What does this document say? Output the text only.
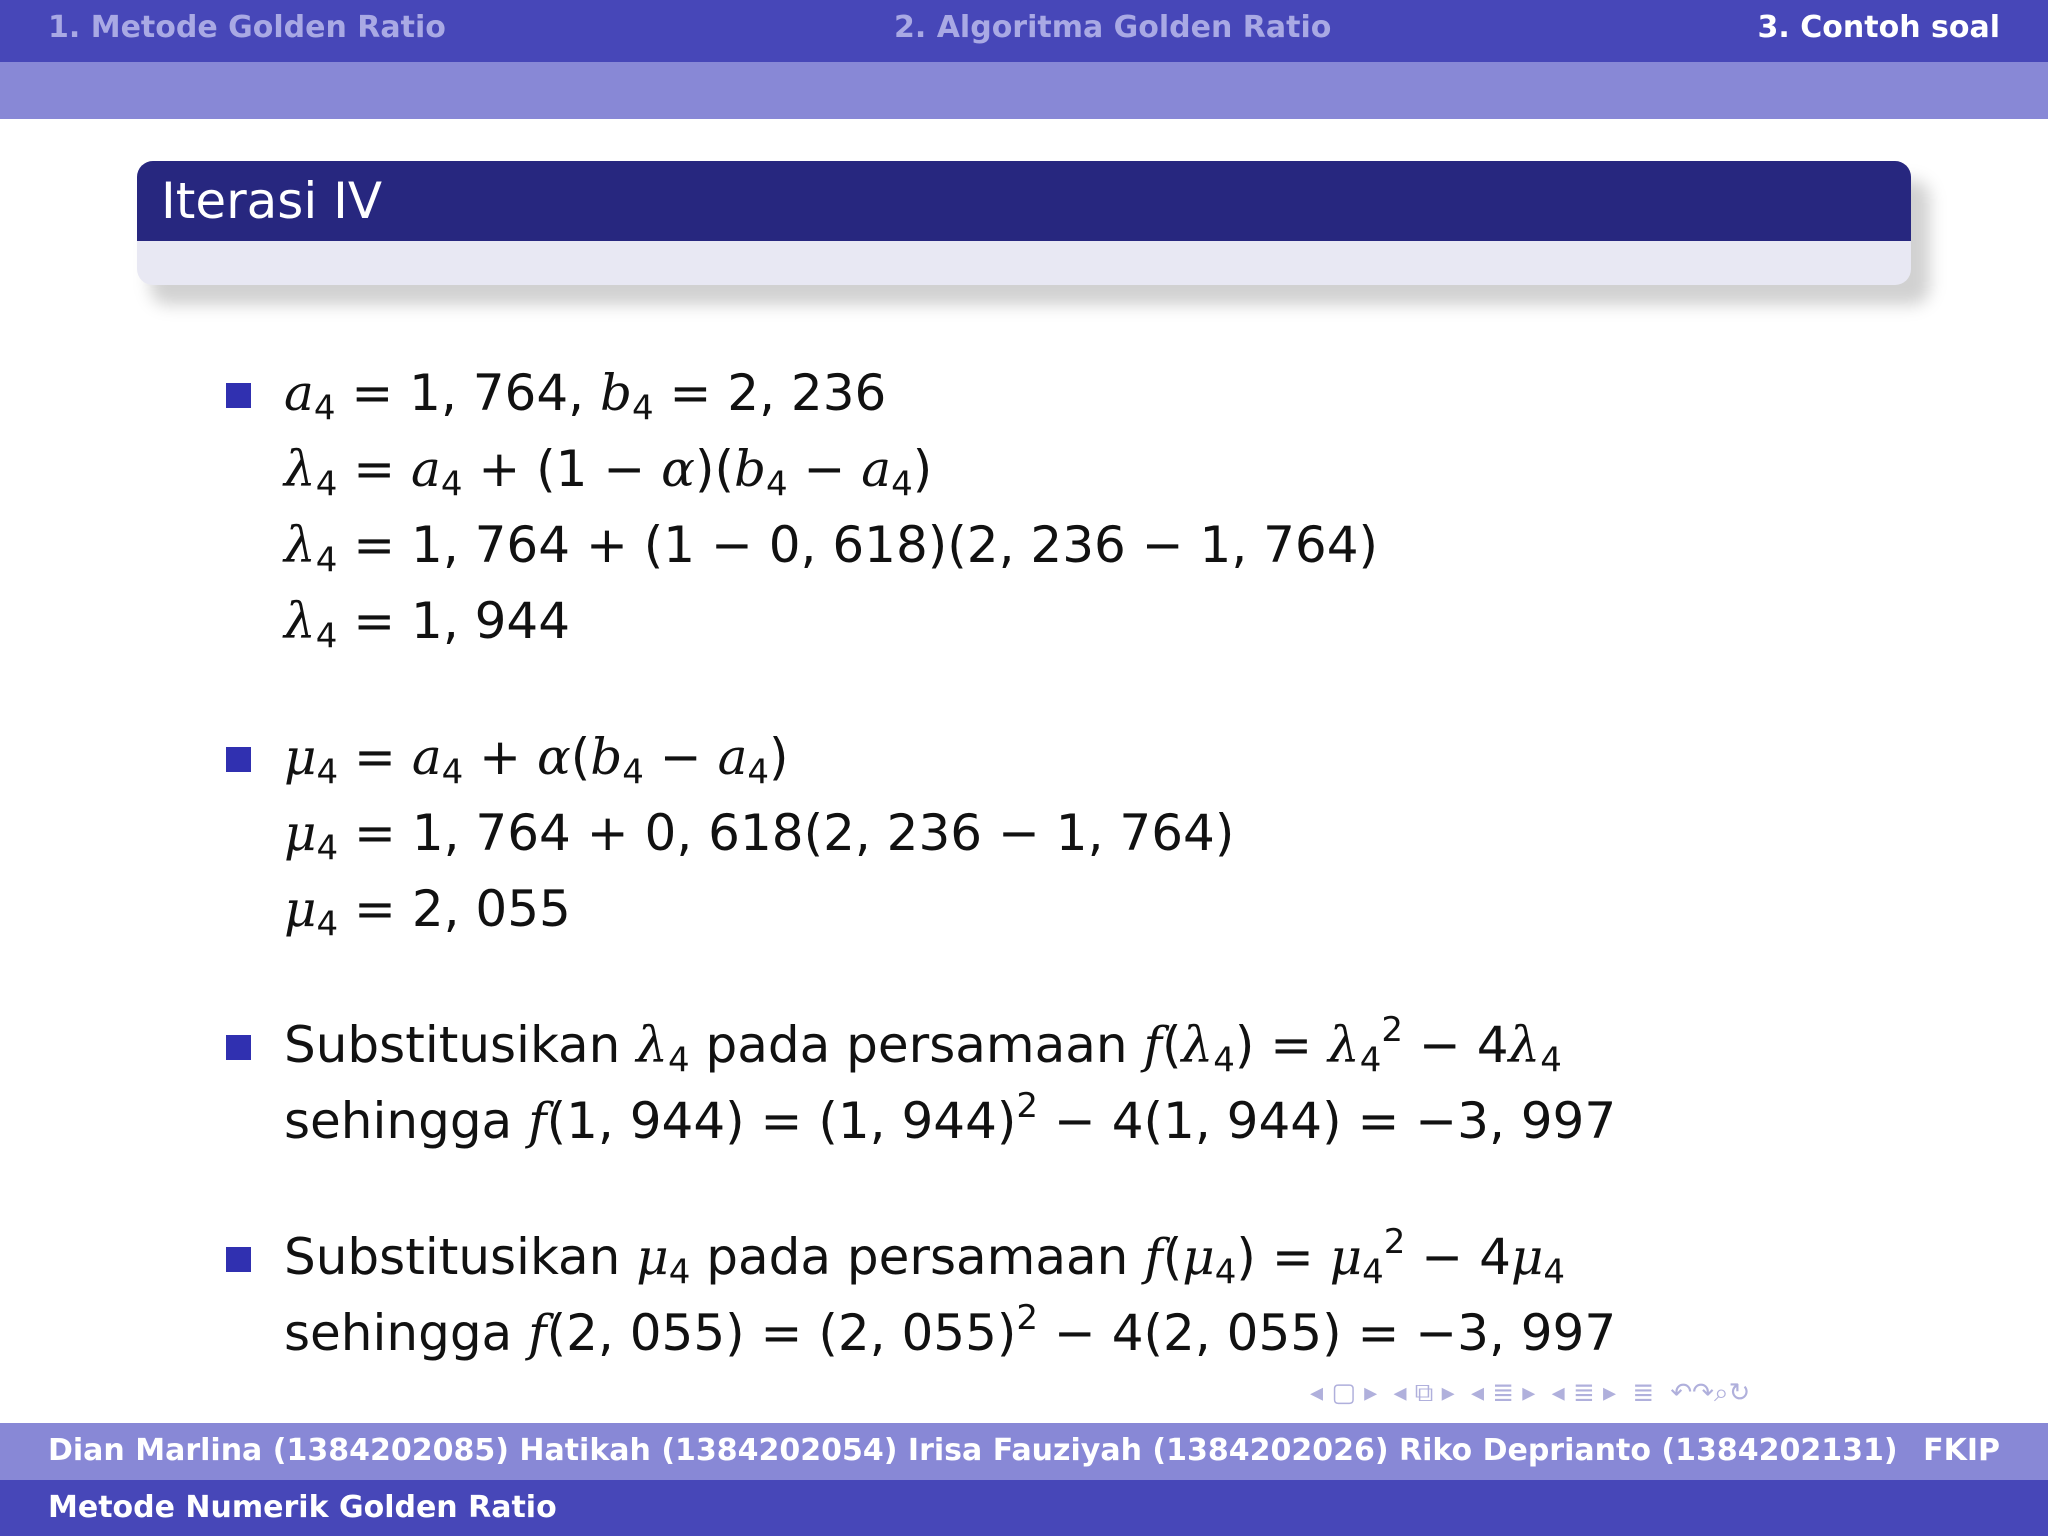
1. Metode Golden Ratio	2. Algoritma Golden Ratio	3. Contoh soal
Iterasi IV
$a_4 = 1$, 764, $b_4 = 2$, 236
$\lambda_4 = a_4 + (1 - \alpha)(b_4 - a_4)$
$\lambda_4 = 1$, 764 + (1 − 0, 618)(2, 236 − 1, 764)
$\lambda_4 = 1$, 944
$\mu_4 = a_4 + \alpha(b_4 - a_4)$
$\mu_4 = 1$, 764 + 0, 618(2, 236 − 1, 764)
$\mu_4 = 2$, 055
Substitusikan $\lambda_4$ pada persamaan $f(\lambda_4) = \lambda_4^2 - 4\lambda_4$
sehingga f(1, 944) = (1, 944)$^2$ − 4(1, 944) = −3, 997
Substitusikan $\mu_4$ pada persamaan $f(\mu_4) = \mu_4^2 - 4\mu_4$
sehingga f(2, 055) = (2, 055)$^2$ − 4(2, 055) = −3, 997
◂ ▢ ▸ ◂ ⧉ ▸ ◂ ≣ ▸ ◂ ≣ ▸ ≣ ↶↷⌕↻
Dian Marlina (1384202085) Hatikah (1384202054) Irisa Fauziyah (1384202026) Riko Deprianto (1384202131) FKIP
Metode Numerik Golden Ratio
